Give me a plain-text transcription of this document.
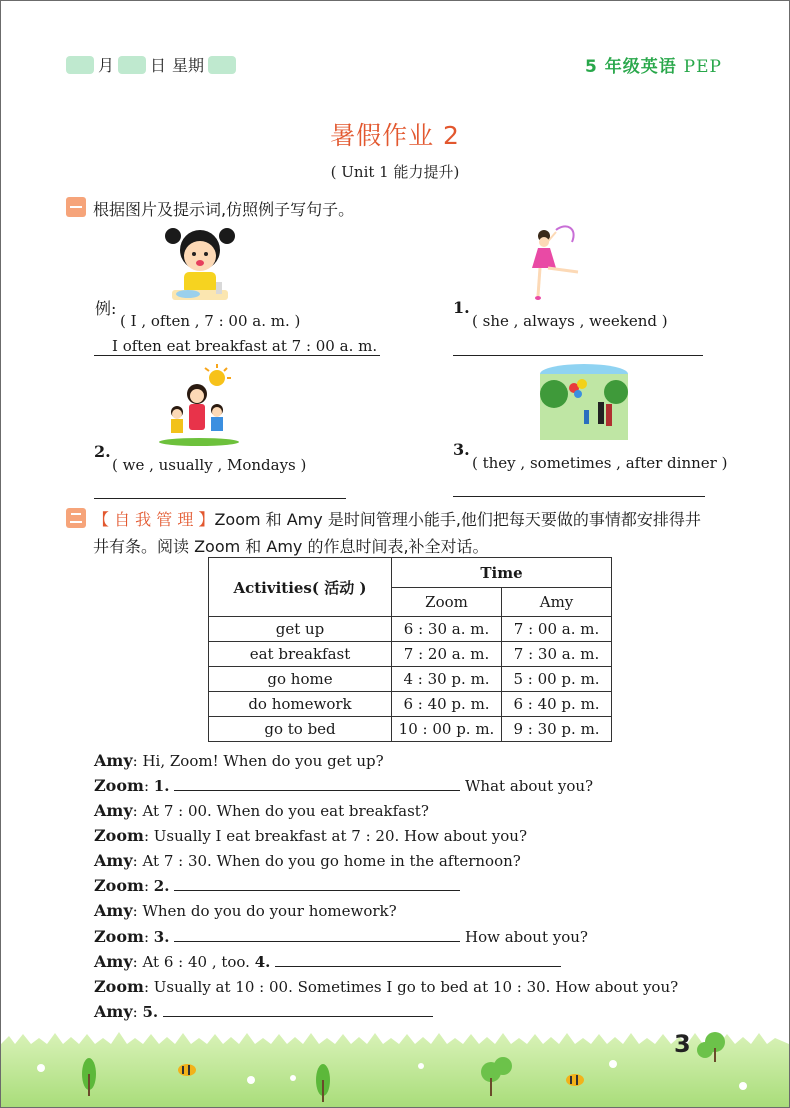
月 日 星期	5 年级英语 PEP
暑假作业 2
( Unit 1 能力提升)
根据图片及提示词,仿照例子写句子。
例:
( I , often , 7 : 00 a. m. )
I often eat breakfast at 7 : 00 a. m.
1.
( she , always , weekend )
2.
( we , usually , Mondays )
3.
( they , sometimes , after dinner )
【 自 我 管 理 】Zoom 和 Amy 是时间管理小能手,他们把每天要做的事情都安排得井
井有条。阅读 Zoom 和 Amy 的作息时间表,补全对话。
Activities( 活动 )	Time	
	Zoom	Amy
get up	6 : 30 a. m.	7 : 00 a. m.
eat breakfast	7 : 20 a. m.	7 : 30 a. m.
go home	4 : 30 p. m.	5 : 00 p. m.
do homework	6 : 40 p. m.	6 : 40 p. m.
go to bed	10 : 00 p. m.	9 : 30 p. m.
Amy: Hi, Zoom! When do you get up?
Zoom: 1.	What about you?
Amy: At 7 : 00. When do you eat breakfast?
Zoom: Usually I eat breakfast at 7 : 20. How about you?
Amy: At 7 : 30. When do you go home in the afternoon?
Zoom: 2.
Amy: When do you do your homework?
Zoom: 3.	How about you?
Amy: At 6 : 40 , too. 4.
Zoom: Usually at 10 : 00. Sometimes I go to bed at 10 : 30. How about you?
Amy: 5.
3
